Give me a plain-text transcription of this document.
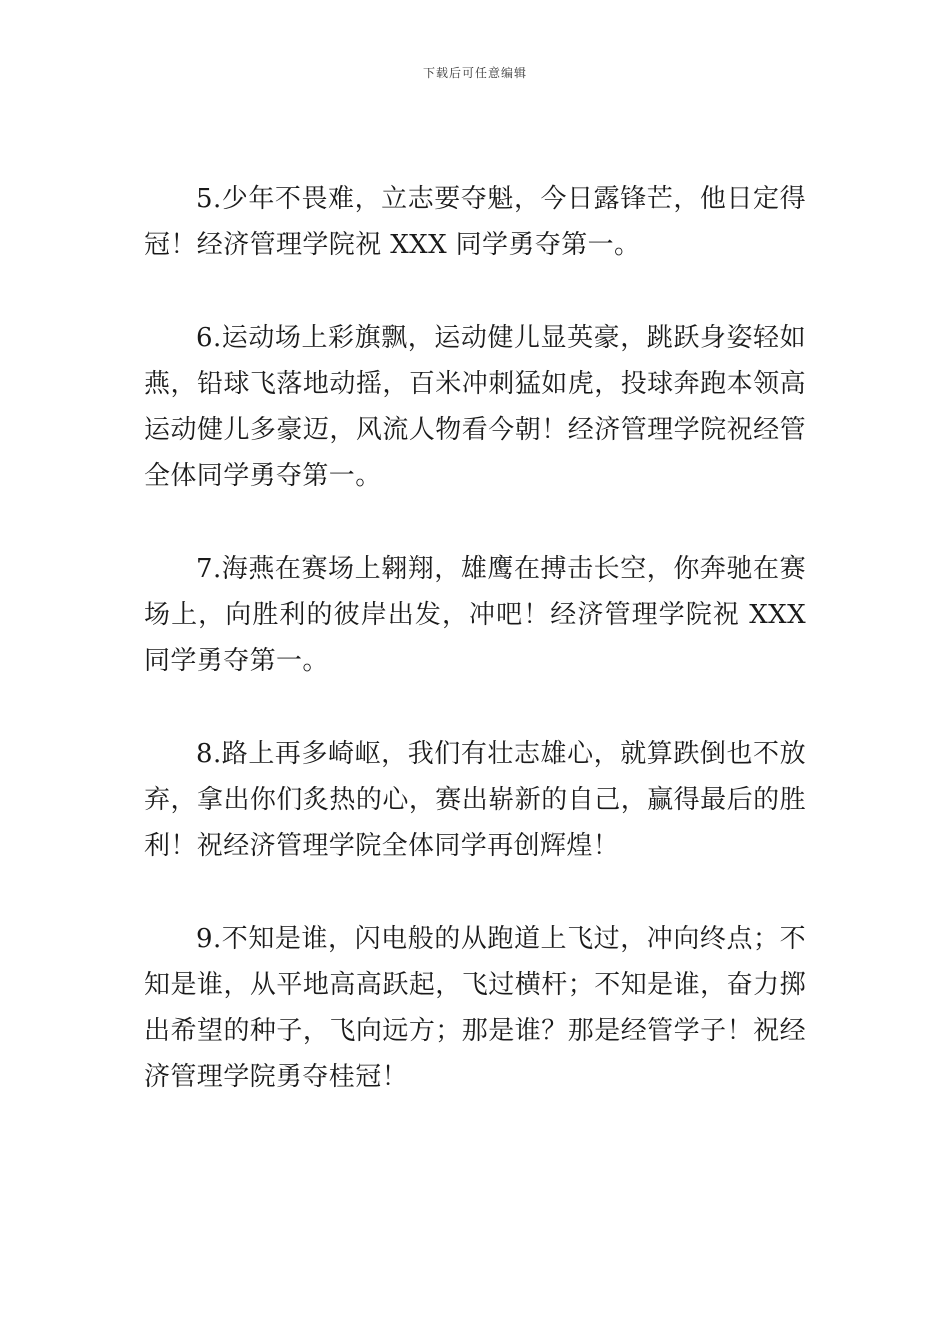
下载后可任意编辑

5.少年不畏难，立志要夺魁，今日露锋芒，他日定得冠！经济管理学院祝 XXX 同学勇夺第一。

6.运动场上彩旗飘，运动健儿显英豪，跳跃身姿轻如燕，铅球飞落地动摇，百米冲刺猛如虎，投球奔跑本领高运动健儿多豪迈，风流人物看今朝！经济管理学院祝经管全体同学勇夺第一。

7.海燕在赛场上翱翔，雄鹰在搏击长空，你奔驰在赛场上，向胜利的彼岸出发，冲吧！经济管理学院祝 XXX 同学勇夺第一。

8.路上再多崎岖，我们有壮志雄心，就算跌倒也不放弃，拿出你们炙热的心，赛出崭新的自己，赢得最后的胜利！祝经济管理学院全体同学再创辉煌！

9.不知是谁，闪电般的从跑道上飞过，冲向终点；不知是谁，从平地高高跃起，飞过横杆；不知是谁，奋力掷出希望的种子，飞向远方；那是谁？那是经管学子！祝经济管理学院勇夺桂冠！
